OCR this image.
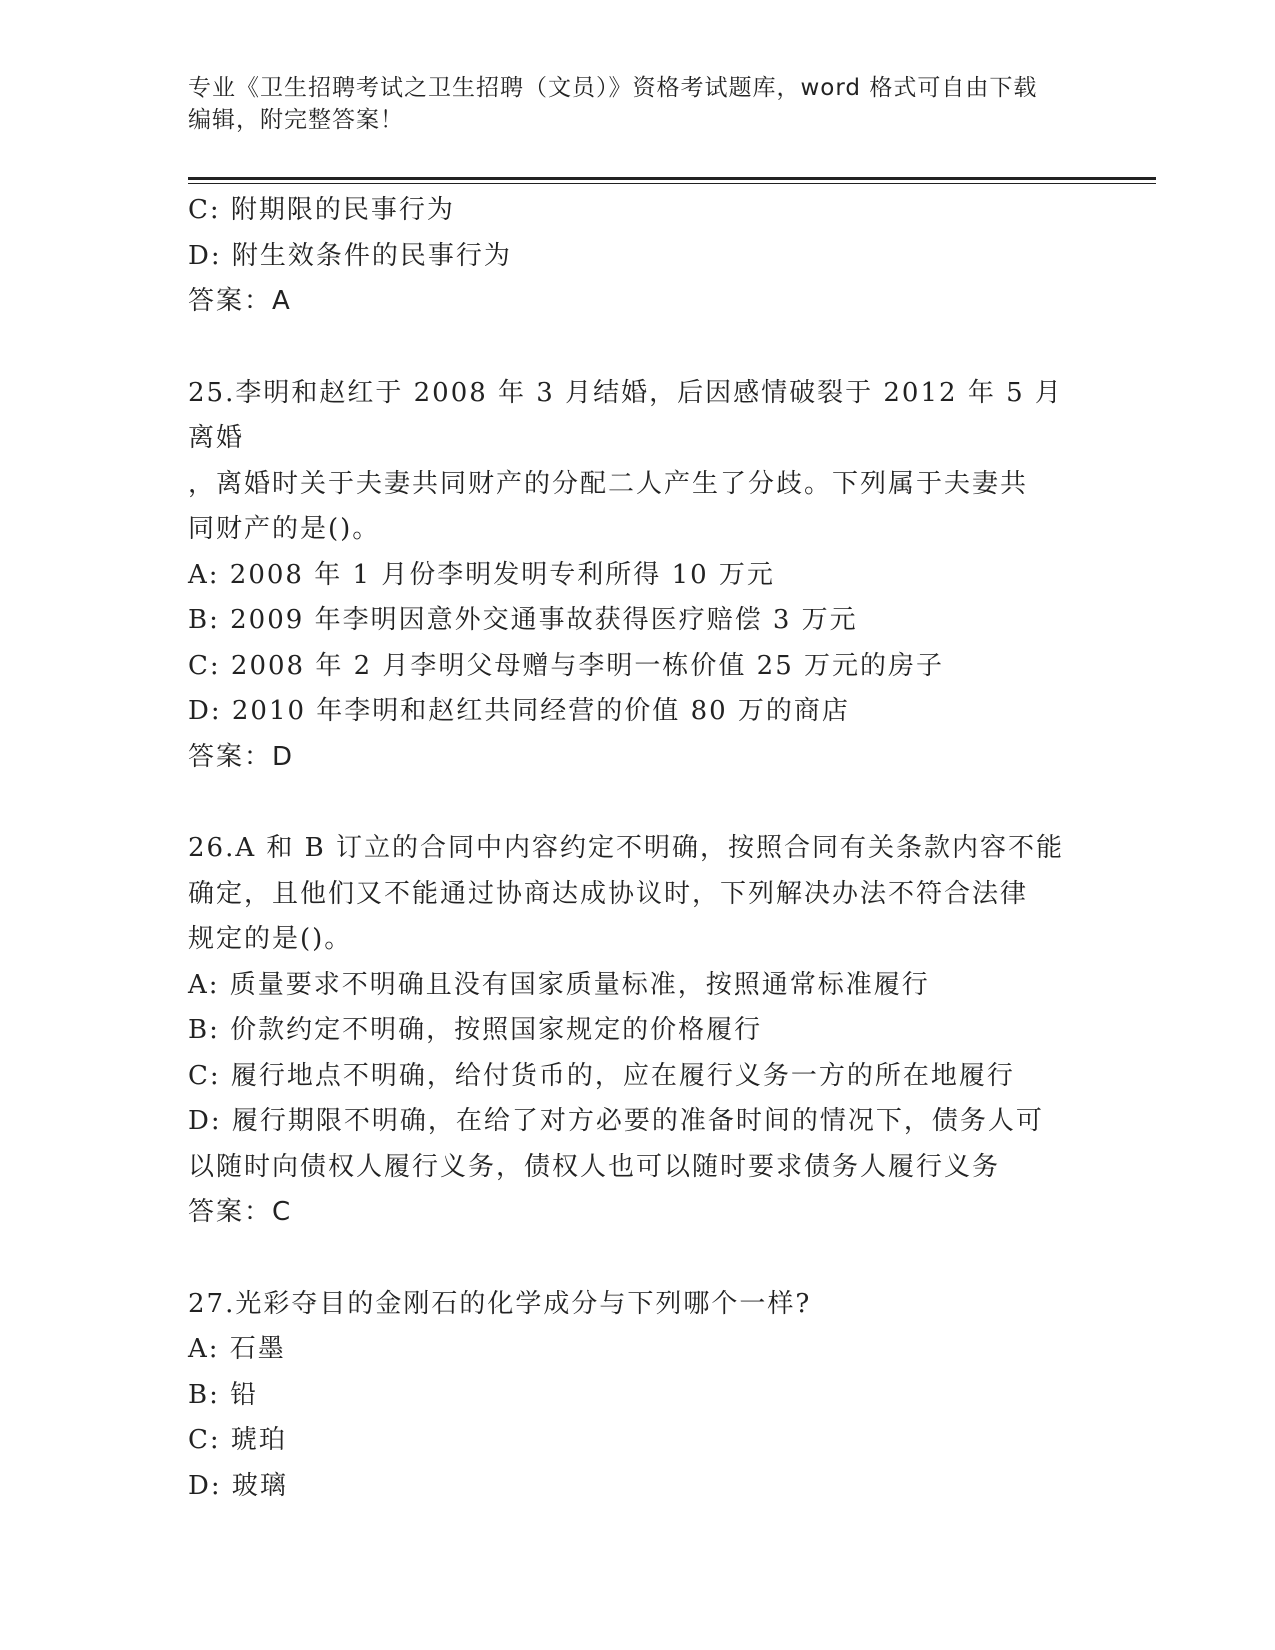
专业《卫生招聘考试之卫生招聘（文员）》资格考试题库，word 格式可自由下载
编辑，附完整答案！
C: 附期限的民事行为
D: 附生效条件的民事行为
答案：A
25.李明和赵红于 2008 年 3 月结婚，后因感情破裂于 2012 年 5 月离婚
，离婚时关于夫妻共同财产的分配二人产生了分歧。下列属于夫妻共
同财产的是()。
A: 2008 年 1 月份李明发明专利所得 10 万元
B: 2009 年李明因意外交通事故获得医疗赔偿 3 万元
C: 2008 年 2 月李明父母赠与李明一栋价值 25 万元的房子
D: 2010 年李明和赵红共同经营的价值 80 万的商店
答案：D
26.A 和 B 订立的合同中内容约定不明确，按照合同有关条款内容不能
确定，且他们又不能通过协商达成协议时，下列解决办法不符合法律
规定的是()。
A: 质量要求不明确且没有国家质量标准，按照通常标准履行
B: 价款约定不明确，按照国家规定的价格履行
C: 履行地点不明确，给付货币的，应在履行义务一方的所在地履行
D: 履行期限不明确，在给了对方必要的准备时间的情况下，债务人可
以随时向债权人履行义务，债权人也可以随时要求债务人履行义务
答案：C
27.光彩夺目的金刚石的化学成分与下列哪个一样?
A: 石墨
B: 铅
C: 琥珀
D: 玻璃
